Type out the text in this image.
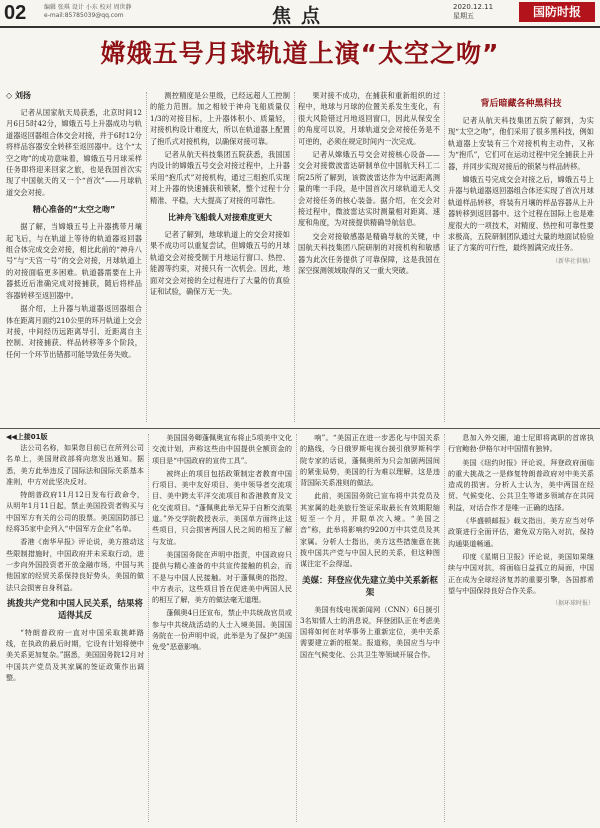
02	编辑 张琪 设计 小东 校对 周世静
e-mail:85785039@qq.com	焦点	2020.12.11
星期五	国防时报
嫦娥五号月球轨道上演“太空之吻”
◇ 刘扬

记者从国家航天局获悉，北京时间12月6日5时42分，嫦娥五号上升器成功与轨道器返回器组合体交会对接，并于6时12分将样品容器安全转移至返回器中。这个“太空之吻”的成功意味着，嫦娥五号月球采样任务即将迎来回家之旅，也是我国首次实现了中国航天的又一个“首次”——月球轨道交会对接。

精心准备的“太空之吻”

据了解，当嫦娥五号上升器携带月壤起飞后，与在轨道上等待的轨道器返回器组合体完成交会对接，相比此前的“神舟八号”与“天宫一号”的交会对接，月球轨道上的对接面临更多困难。轨道器需要在上升器抵近后准确完成对接捕获，随后将样品容器转移至返回器中。

据介绍，上升器与轨道器返回器组合体在距离月面约210公里的环月轨道上交会对接，中间经历远距离导引、近距离自主控制、对接捕获、样品转移等多个阶段，任何一个环节出错都可能导致任务失败。

测控精度是公里级，已经远超人工控制的能力范围。加之相较于神舟飞船质量仅1/3的对接目标，上升器体积小、质量轻，对接机构设计难度大，所以在轨道器上配置了抱爪式对接机构，以确保对接可靠。

记者从航天科技集团五院获悉，我国国内设计的嫦娥五号交会对接过程中，上升器采用“抱爪式”对接机构，通过三组抱爪实现对上升器的快速捕获和锁紧，整个过程十分精准、平稳，大大提高了对接的可靠性。

比神舟飞船载人对接难度更大

记者了解到，地球轨道上的交会对接如果不成功可以重复尝试，但嫦娥五号的月球轨道交会对接受制于月地运行窗口、热控、能源等约束，对接只有一次机会。因此，地面对交会对接的全过程进行了大量的仿真验证和试验，确保万无一失。

果对接不成功，在捕获和重新组织的过程中，地球与月球的位置关系发生变化，有很大风险错过月地返回窗口，因此从保安全的角度可以说，月球轨道交会对接任务是不可逆的，必须在规定时间内一次完成。

记者从嫦娥五号交会对接核心设备——交会对接微波雷达研制单位中国航天科工二院25所了解到，该微波雷达作为中远距离测量的唯一手段，是中国首次月球轨道无人交会对接任务的核心装备。据介绍，在交会对接过程中，微波雷达实时测量相对距离、速度和角度，为对接提供精确导航信息。

交会对接敏感器是精确导航的关键，中国航天科技集团八院研制的对接机构和敏感器为此次任务提供了可靠保障，这是我国在深空探测领域取得的又一重大突破。

背后暗藏各种黑科技

记者从航天科技集团五院了解到，为实现“太空之吻”，他们采用了很多黑科技，例如轨道器上安装有三个对接机构主动件，又称为“抱爪”，它们可在运动过程中完全捕获上升器，并同步实现对接后的锁紧与样品转移。

嫦娥五号完成交会对接之后，嫦娥五号上升器与轨道器返回器组合体还实现了首次月球轨道样品转移，将装有月壤的样品容器从上升器转移到返回器中。这个过程在国际上也是难度很大的一项技术，对精度、热控和可靠性要求极高，五院研制团队通过大量的地面试验验证了方案的可行性，最终圆满完成任务。

（新华社供稿）
◀◀上接01版

法公司名称，如果您目前已在所列公司名单上，美国财政部将向您发出通知。据悉，美方此举违反了国际法和国际关系基本准则，中方对此坚决反对。

特朗普政府11月12日发布行政命令，从明年1月11日起，禁止美国投资者购买与中国军方有关的公司的股票。美国国防部已经将35家中企列入“中国军方企业”名单。

香港《南华早报》评论说，美方推动这些限制措施时，中国政府并未采取行动，进一步向外国投资者开放金融市场，中国与其他国家的经贸关系保持良好势头，美国的做法只会损害自身利益。

挑拨共产党和中国人民关系，结果将适得其反

“特朗普政府一直对中国采取挑衅路线，在执政的最后时期，它设有计划将使中美关系更加复杂。”据悉，美国国务院12月对中国共产党员及其家属的签证政策作出调整。

美国国务卿蓬佩奥宣布将止5项美中文化交流计划，声称这些由中国提供全额资金的项目是“中国政府的宣传工具”。

被终止的项目包括政策制定者教育中国行项目、美中友好项目、美中领导者交流项目、美中跨太平洋交流项目和香港教育及文化交流项目。“蓬佩奥此举无异于自断交流渠道。”外交学院教授表示，美国单方面终止这些项目，只会损害两国人民之间的相互了解与友谊。

美国国务院在声明中指责，中国政府只提供与精心准备的中共宣传接触的机会，而不是与中国人民接触。对于蓬佩奥的指控，中方表示，这些项目旨在促进美中两国人民的相互了解，美方的做法毫无道理。

蓬佩奥4日还宣布，禁止中共统战官员或参与中共统战活动的人士入境美国。美国国务院在一份声明中说，此举是为了保护“美国免受”恶意影响。

响”。“美国正在进一步恶化与中国关系的路线，今日俄罗斯电视台援引俄罗斯科学院专家的话说，蓬佩奥所为只会加剧两国间的紧张局势，美国的行为难以理解，这是违背国际关系准则的做法。

此前，美国国务院已宣布将中共党员及其家属的赴美旅行签证采取最长有效期限缩短至一个月，并限单次入境。“美国之音”称，此举将影响约9200万中共党员及其家属。分析人士指出，美方这些措施意在挑拨中国共产党与中国人民的关系，但这种图谋注定不会得逞。

美媒：拜登应优先建立美中关系新框架

美国有线电视新闻网（CNN）6日援引3名知情人士的消息说，拜登团队正在考虑美国将如何在对华事务上重新定位，美中关系需要建立新的框架。报道称，美国应当与中国在气候变化、公共卫生等领域开展合作。

息加入外交圈，迪士尼即将离职的首席执行官鲍勃·伊格尔对中国情有独钟。

美国《纽约时报》评论说，拜登政府面临的重大挑战之一是修复特朗普政府对中美关系造成的损害。分析人士认为，美中两国在经贸、气候变化、公共卫生等诸多领域存在共同利益，对话合作才是唯一正确的选择。

《华盛顿邮报》载文指出，美方应当对华政策进行全面评估，避免双方陷入对抗，保持沟通渠道畅通。

印度《星期日卫报》评论说，美国如果继续与中国对抗，将面临日益孤立的局面，中国正在成为全球经济复苏的重要引擎，各国都希望与中国保持良好合作关系。

（据环球时报）
